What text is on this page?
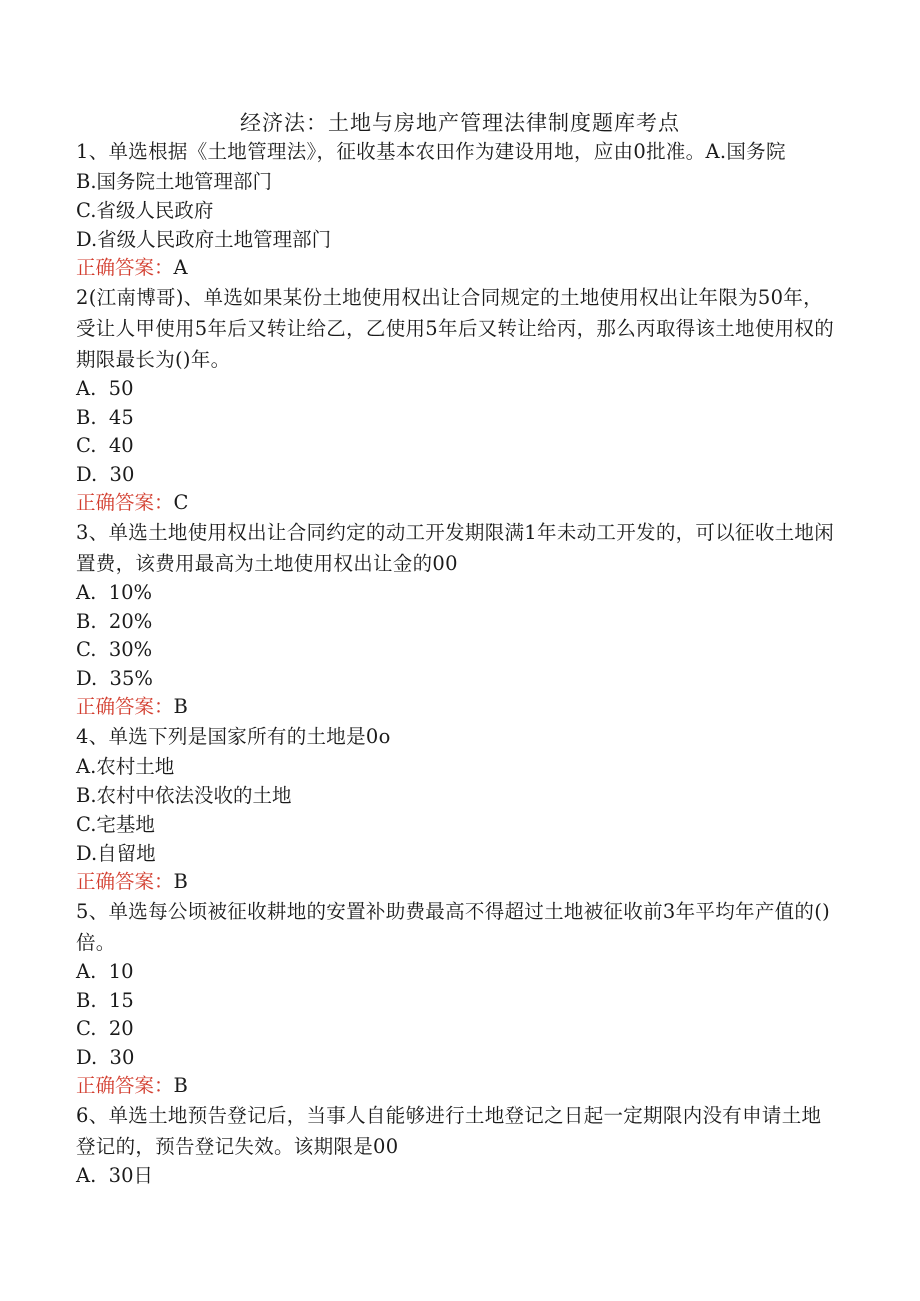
经济法：土地与房地产管理法律制度题库考点
1、单选根据《土地管理法》，征收基本农田作为建设用地，应由0批准。A.国务院
B.国务院土地管理部门
C.省级人民政府
D.省级人民政府土地管理部门
正确答案：A
2(江南博哥)、单选如果某份土地使用权出让合同规定的土地使用权出让年限为50年，受让人甲使用5年后又转让给乙，乙使用5年后又转让给丙，那么丙取得该土地使用权的期限最长为()年。
A.  50
B.  45
C.  40
D.  30
正确答案：C
3、单选土地使用权出让合同约定的动工开发期限满1年未动工开发的，可以征收土地闲置费，该费用最高为土地使用权出让金的00
A.  10%
B.  20%
C.  30%
D.  35%
正确答案：B
4、单选下列是国家所有的土地是0o
A.农村土地
B.农村中依法没收的土地
C.宅基地
D.自留地
正确答案：B
5、单选每公顷被征收耕地的安置补助费最高不得超过土地被征收前3年平均年产值的()倍。
A.  10
B.  15
C.  20
D.  30
正确答案：B
6、单选土地预告登记后，当事人自能够进行土地登记之日起一定期限内没有申请土地登记的，预告登记失效。该期限是00
A.  30日
